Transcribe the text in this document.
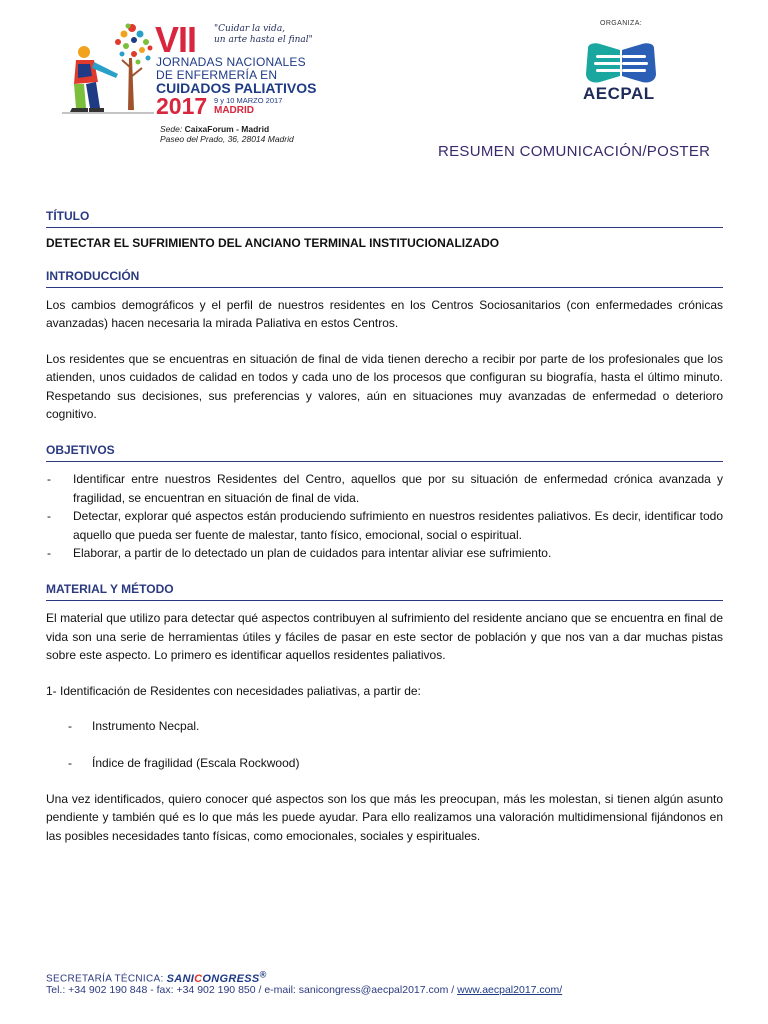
VII "Cuidar la vida,
un arte hasta el final"
JORNADAS NACIONALES
DE ENFERMERÍA EN
CUIDADOS PALIATIVOS
2017 9 y 10 MARZO 2017
MADRID
Sede: CaixaForum - Madrid
Paseo del Prado, 36, 28014 Madrid
ORGANIZA:
AECPAL
RESUMEN COMUNICACIÓN/POSTER
TÍTULO
DETECTAR EL SUFRIMIENTO DEL ANCIANO TERMINAL INSTITUCIONALIZADO
INTRODUCCIÓN

Los cambios demográficos y el perfil de nuestros residentes en los Centros Sociosanitarios (con enfermedades crónicas avanzadas) hacen necesaria la mirada Paliativa en estos Centros.

Los residentes que se encuentras en situación de final de vida tienen derecho a recibir por parte de los profesionales que los atienden, unos cuidados de calidad en todos y cada uno de los procesos que configuran su biografía, hasta el último minuto. Respetando sus decisiones, sus preferencias y valores, aún en situaciones muy avanzadas de enfermedad o deterioro cognitivo.

OBJETIVOS
- Identificar entre nuestros Residentes del Centro, aquellos que por su situación de enfermedad crónica avanzada y fragilidad, se encuentran en situación de final de vida.
- Detectar, explorar qué aspectos están produciendo sufrimiento en nuestros residentes paliativos. Es decir, identificar todo aquello que pueda ser fuente de malestar, tanto físico, emocional, social o espiritual.
- Elaborar, a partir de lo detectado un plan de cuidados para intentar aliviar ese sufrimiento.
MATERIAL Y MÉTODO

El material que utilizo para detectar qué aspectos contribuyen al sufrimiento del residente anciano que se encuentra en final de vida son una serie de herramientas útiles y fáciles de pasar en este sector de población y que nos van a dar muchas pistas sobre este aspecto. Lo primero es identificar aquellos residentes paliativos.

1- Identificación de Residentes con necesidades paliativas, a partir de:

- Instrumento Necpal.
- Índice de fragilidad (Escala Rockwood)

Una vez identificados, quiero conocer qué aspectos son los que más les preocupan, más les molestan, si tienen algún asunto pendiente y también qué es lo que más les puede ayudar. Para ello realizamos una valoración multidimensional fijándonos en las posibles necesidades tanto físicas, como emocionales, sociales y espirituales.

SECRETARÍA TÉCNICA: SANICONGRESS®
Tel.: +34 902 190 848 - fax: +34 902 190 850 / e-mail: sanicongress@aecpal2017.com / www.aecpal2017.com/
